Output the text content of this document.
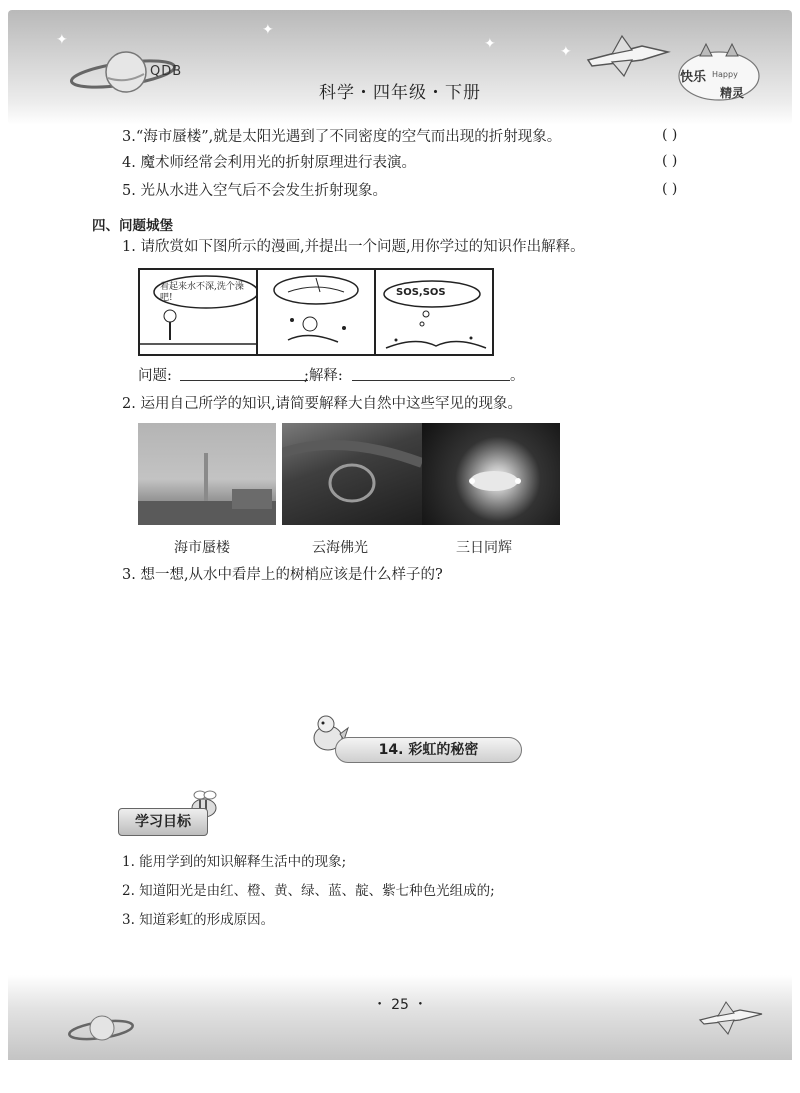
QDB
✦
✦
✦	✦
科学・四年级・下册
快乐 Happy
精灵
3.“海市蜃楼”,就是太阳光遇到了不同密度的空气而出现的折射现象。	( )
4. 魔术师经常会利用光的折射原理进行表演。	( )
5. 光从水进入空气后不会发生折射现象。	( )
四、问题城堡
1. 请欣赏如下图所示的漫画,并提出一个问题,用你学过的知识作出解释。
看起来水不深,洗个澡吧!	SOS,SOS
问题:	;解释:	。
2. 运用自己所学的知识,请简要解释大自然中这些罕见的现象。
海市蜃楼	云海佛光	三日同辉
3. 想一想,从水中看岸上的树梢应该是什么样子的?
14. 彩虹的秘密
学习目标
1. 能用学到的知识解释生活中的现象;
2. 知道阳光是由红、橙、黄、绿、蓝、靛、紫七种色光组成的;
3. 知道彩虹的形成原因。
・ 25 ・
